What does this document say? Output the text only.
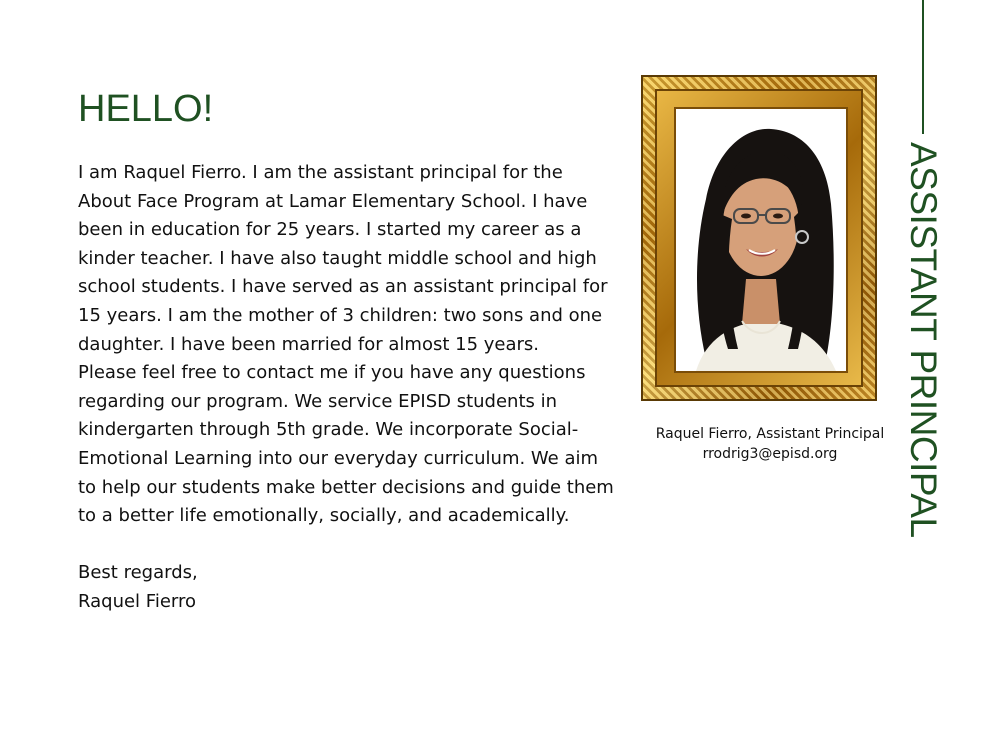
HELLO!
I am Raquel Fierro. I am the assistant principal for the
About Face Program at Lamar Elementary School. I have
been in education for 25 years. I started my career as a
kinder teacher. I have also taught middle school and high
school students. I have served as an assistant principal for
15 years. I am the mother of 3 children: two sons and one
daughter. I have been married for almost 15 years.
Please feel free to contact me if you have any questions
regarding our program. We service EPISD students in
kindergarten through 5th grade. We incorporate Social-
Emotional Learning into our everyday curriculum. We aim
to help our students make better decisions and guide them
to a better life emotionally, socially, and academically.
Best regards,
Raquel Fierro
Raquel Fierro, Assistant Principal
rrodrig3@episd.org	ASSISTANT PRINCIPAL
